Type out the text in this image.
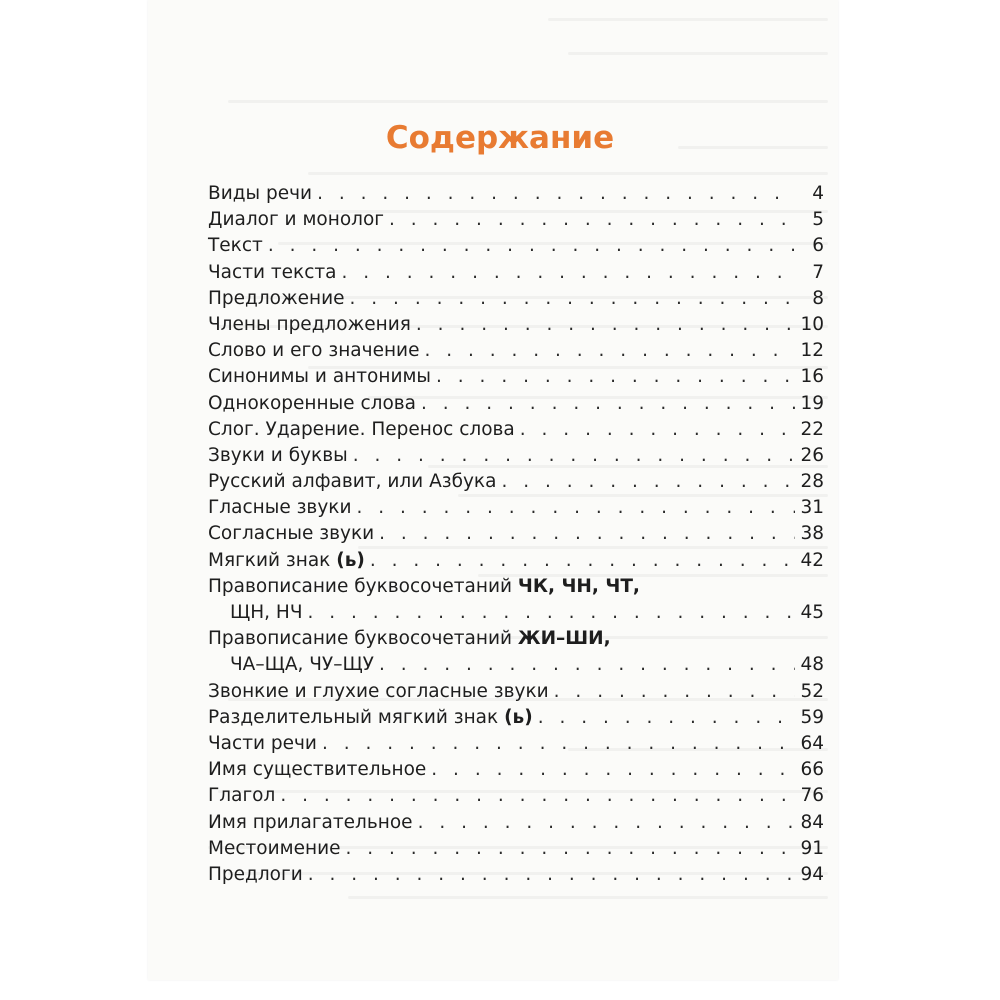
Содержание
Виды речи . . .	4
Диалог и монолог . . .	5
Текст . . .	6
Части текста . . .	7
Предложение . . .	8
Члены предложения . . .	10
Слово и его значение . . .	12
Синонимы и антонимы . . .	16
Однокоренные слова . . .	19
Слог. Ударение. Перенос слова . . .	22
Звуки и буквы . . .	26
Русский алфавит, или Азбука . . .	28
Гласные звуки . . .	31
Согласные звуки . . .	38
Мягкий знак (ь) . . .	42
Правописание буквосочетаний ЧК, ЧН, ЧТ,
ЩН, НЧ . . .	45
Правописание буквосочетаний ЖИ–ШИ,
ЧА–ЩА, ЧУ–ЩУ . . .	48
Звонкие и глухие согласные звуки . . .	52
Разделительный мягкий знак (ь) . . .	59
Части речи . . .	64
Имя существительное . . .	66
Глагол . . .	76
Имя прилагательное . . .	84
Местоимение . . .	91
Предлоги . . .	94
